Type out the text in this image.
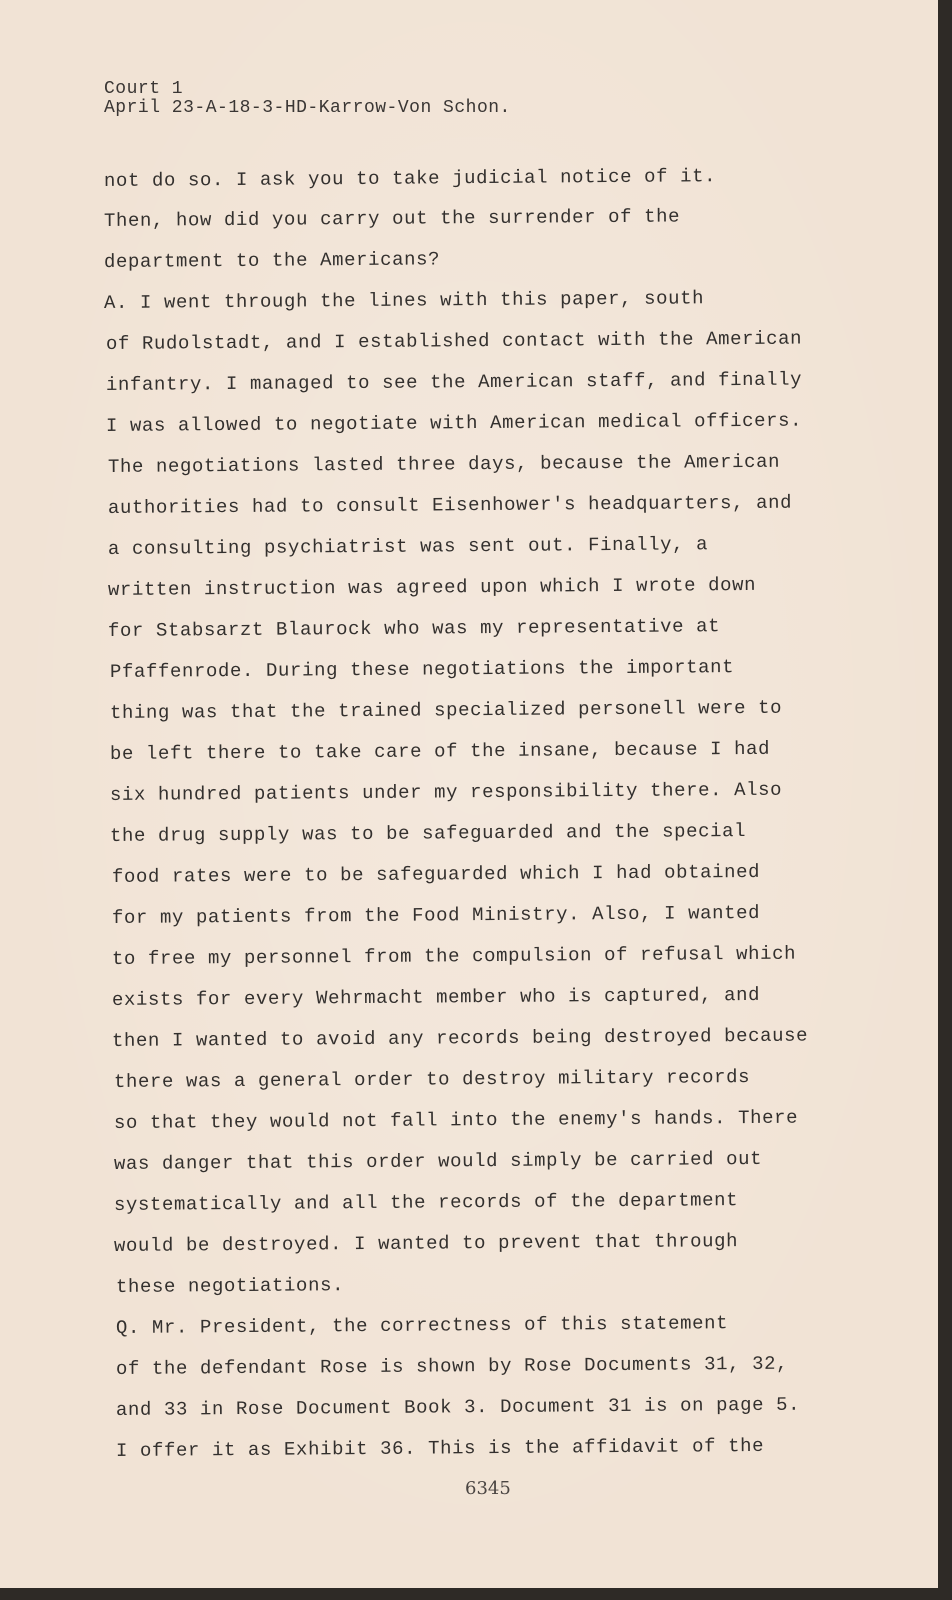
Court 1
April 23-A-18-3-HD-Karrow-Von Schon.
not do so. I ask you to take judicial notice of it.
Then, how did you carry out the surrender of the
department to the Americans?
A. I went through the lines with this paper, south
of Rudolstadt, and I established contact with the American
infantry. I managed to see the American staff, and finally
I was allowed to negotiate with American medical officers.
The negotiations lasted three days, because the American
authorities had to consult Eisenhower's headquarters, and
a consulting psychiatrist was sent out. Finally, a
written instruction was agreed upon which I wrote down
for Stabsarzt Blaurock who was my representative at
Pfaffenrode. During these negotiations the important
thing was that the trained specialized personell were to
be left there to take care of the insane, because I had
six hundred patients under my responsibility there. Also
the drug supply was to be safeguarded and the special
food rates were to be safeguarded which I had obtained
for my patients from the Food Ministry. Also, I wanted
to free my personnel from the compulsion of refusal which
exists for every Wehrmacht member who is captured, and
then I wanted to avoid any records being destroyed because
there was a general order to destroy military records
so that they would not fall into the enemy's hands. There
was danger that this order would simply be carried out
systematically and all the records of the department
would be destroyed. I wanted to prevent that through
these negotiations.
Q. Mr. President, the correctness of this statement
of the defendant Rose is shown by Rose Documents 31, 32,
and 33 in Rose Document Book 3. Document 31 is on page 5.
I offer it as Exhibit 36. This is the affidavit of the
6345
